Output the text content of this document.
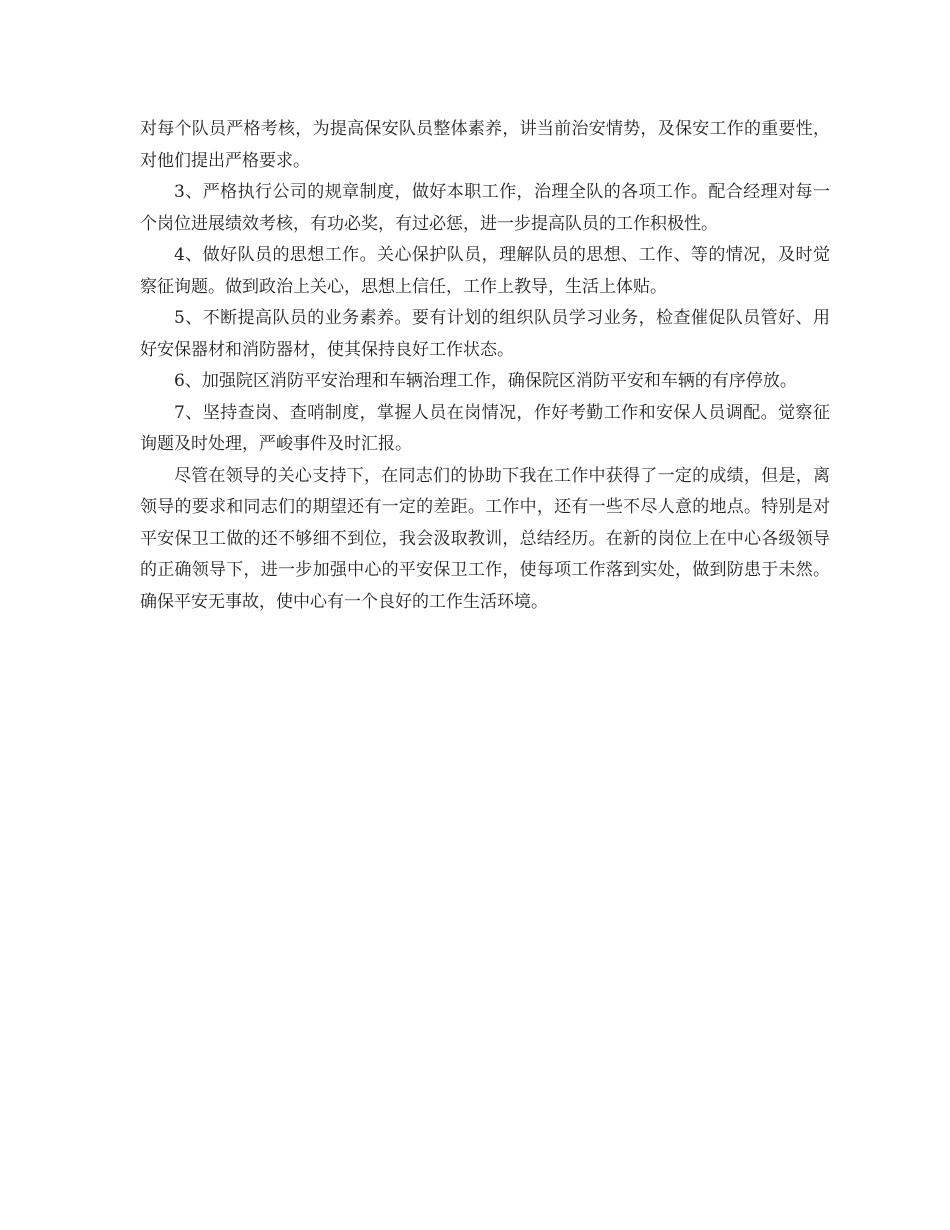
对每个队员严格考核，为提高保安队员整体素养，讲当前治安情势，及保安工作的重要性，对他们提出严格要求。

3、严格执行公司的规章制度，做好本职工作，治理全队的各项工作。配合经理对每一个岗位进展绩效考核，有功必奖，有过必惩，进一步提高队员的工作积极性。

4、做好队员的思想工作。关心保护队员，理解队员的思想、工作、等的情况，及时觉察征询题。做到政治上关心，思想上信任，工作上教导，生活上体贴。

5、不断提高队员的业务素养。要有计划的组织队员学习业务，检查催促队员管好、用好安保器材和消防器材，使其保持良好工作状态。

6、加强院区消防平安治理和车辆治理工作，确保院区消防平安和车辆的有序停放。

7、坚持查岗、查哨制度，掌握人员在岗情况，作好考勤工作和安保人员调配。觉察征询题及时处理，严峻事件及时汇报。

尽管在领导的关心支持下，在同志们的协助下我在工作中获得了一定的成绩，但是，离领导的要求和同志们的期望还有一定的差距。工作中，还有一些不尽人意的地点。特别是对平安保卫工做的还不够细不到位，我会汲取教训，总结经历。在新的岗位上在中心各级领导的正确领导下，进一步加强中心的平安保卫工作，使每项工作落到实处，做到防患于未然。确保平安无事故，使中心有一个良好的工作生活环境。
